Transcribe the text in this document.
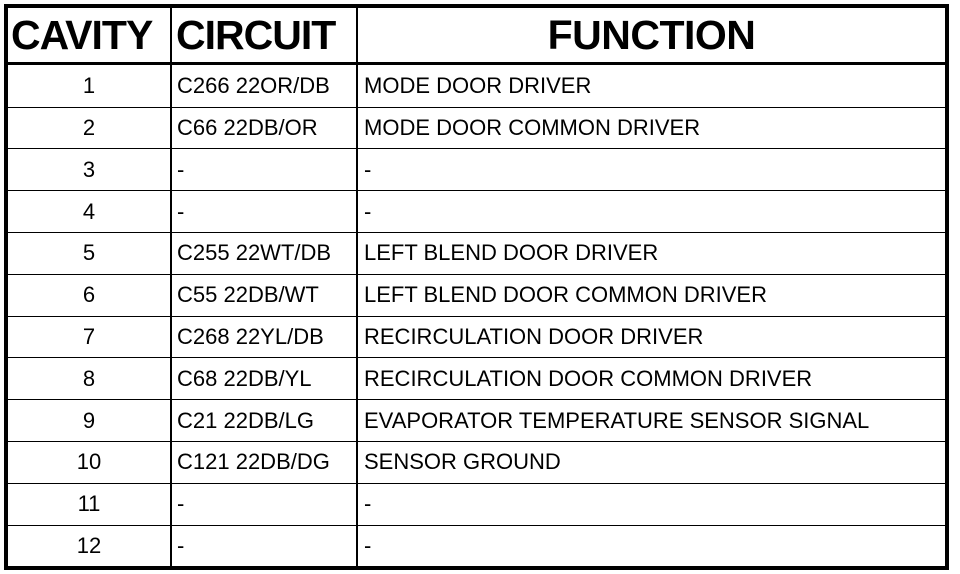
CAVITY	CIRCUIT	FUNCTION
1	C266 22OR/DB	MODE DOOR DRIVER
2	C66 22DB/OR	MODE DOOR COMMON DRIVER
3	-	-
4	-	-
5	C255 22WT/DB	LEFT BLEND DOOR DRIVER
6	C55 22DB/WT	LEFT BLEND DOOR COMMON DRIVER
7	C268 22YL/DB	RECIRCULATION DOOR DRIVER
8	C68 22DB/YL	RECIRCULATION DOOR COMMON DRIVER
9	C21 22DB/LG	EVAPORATOR TEMPERATURE SENSOR SIGNAL
10	C121 22DB/DG	SENSOR GROUND
11	-	-
12	-	-
